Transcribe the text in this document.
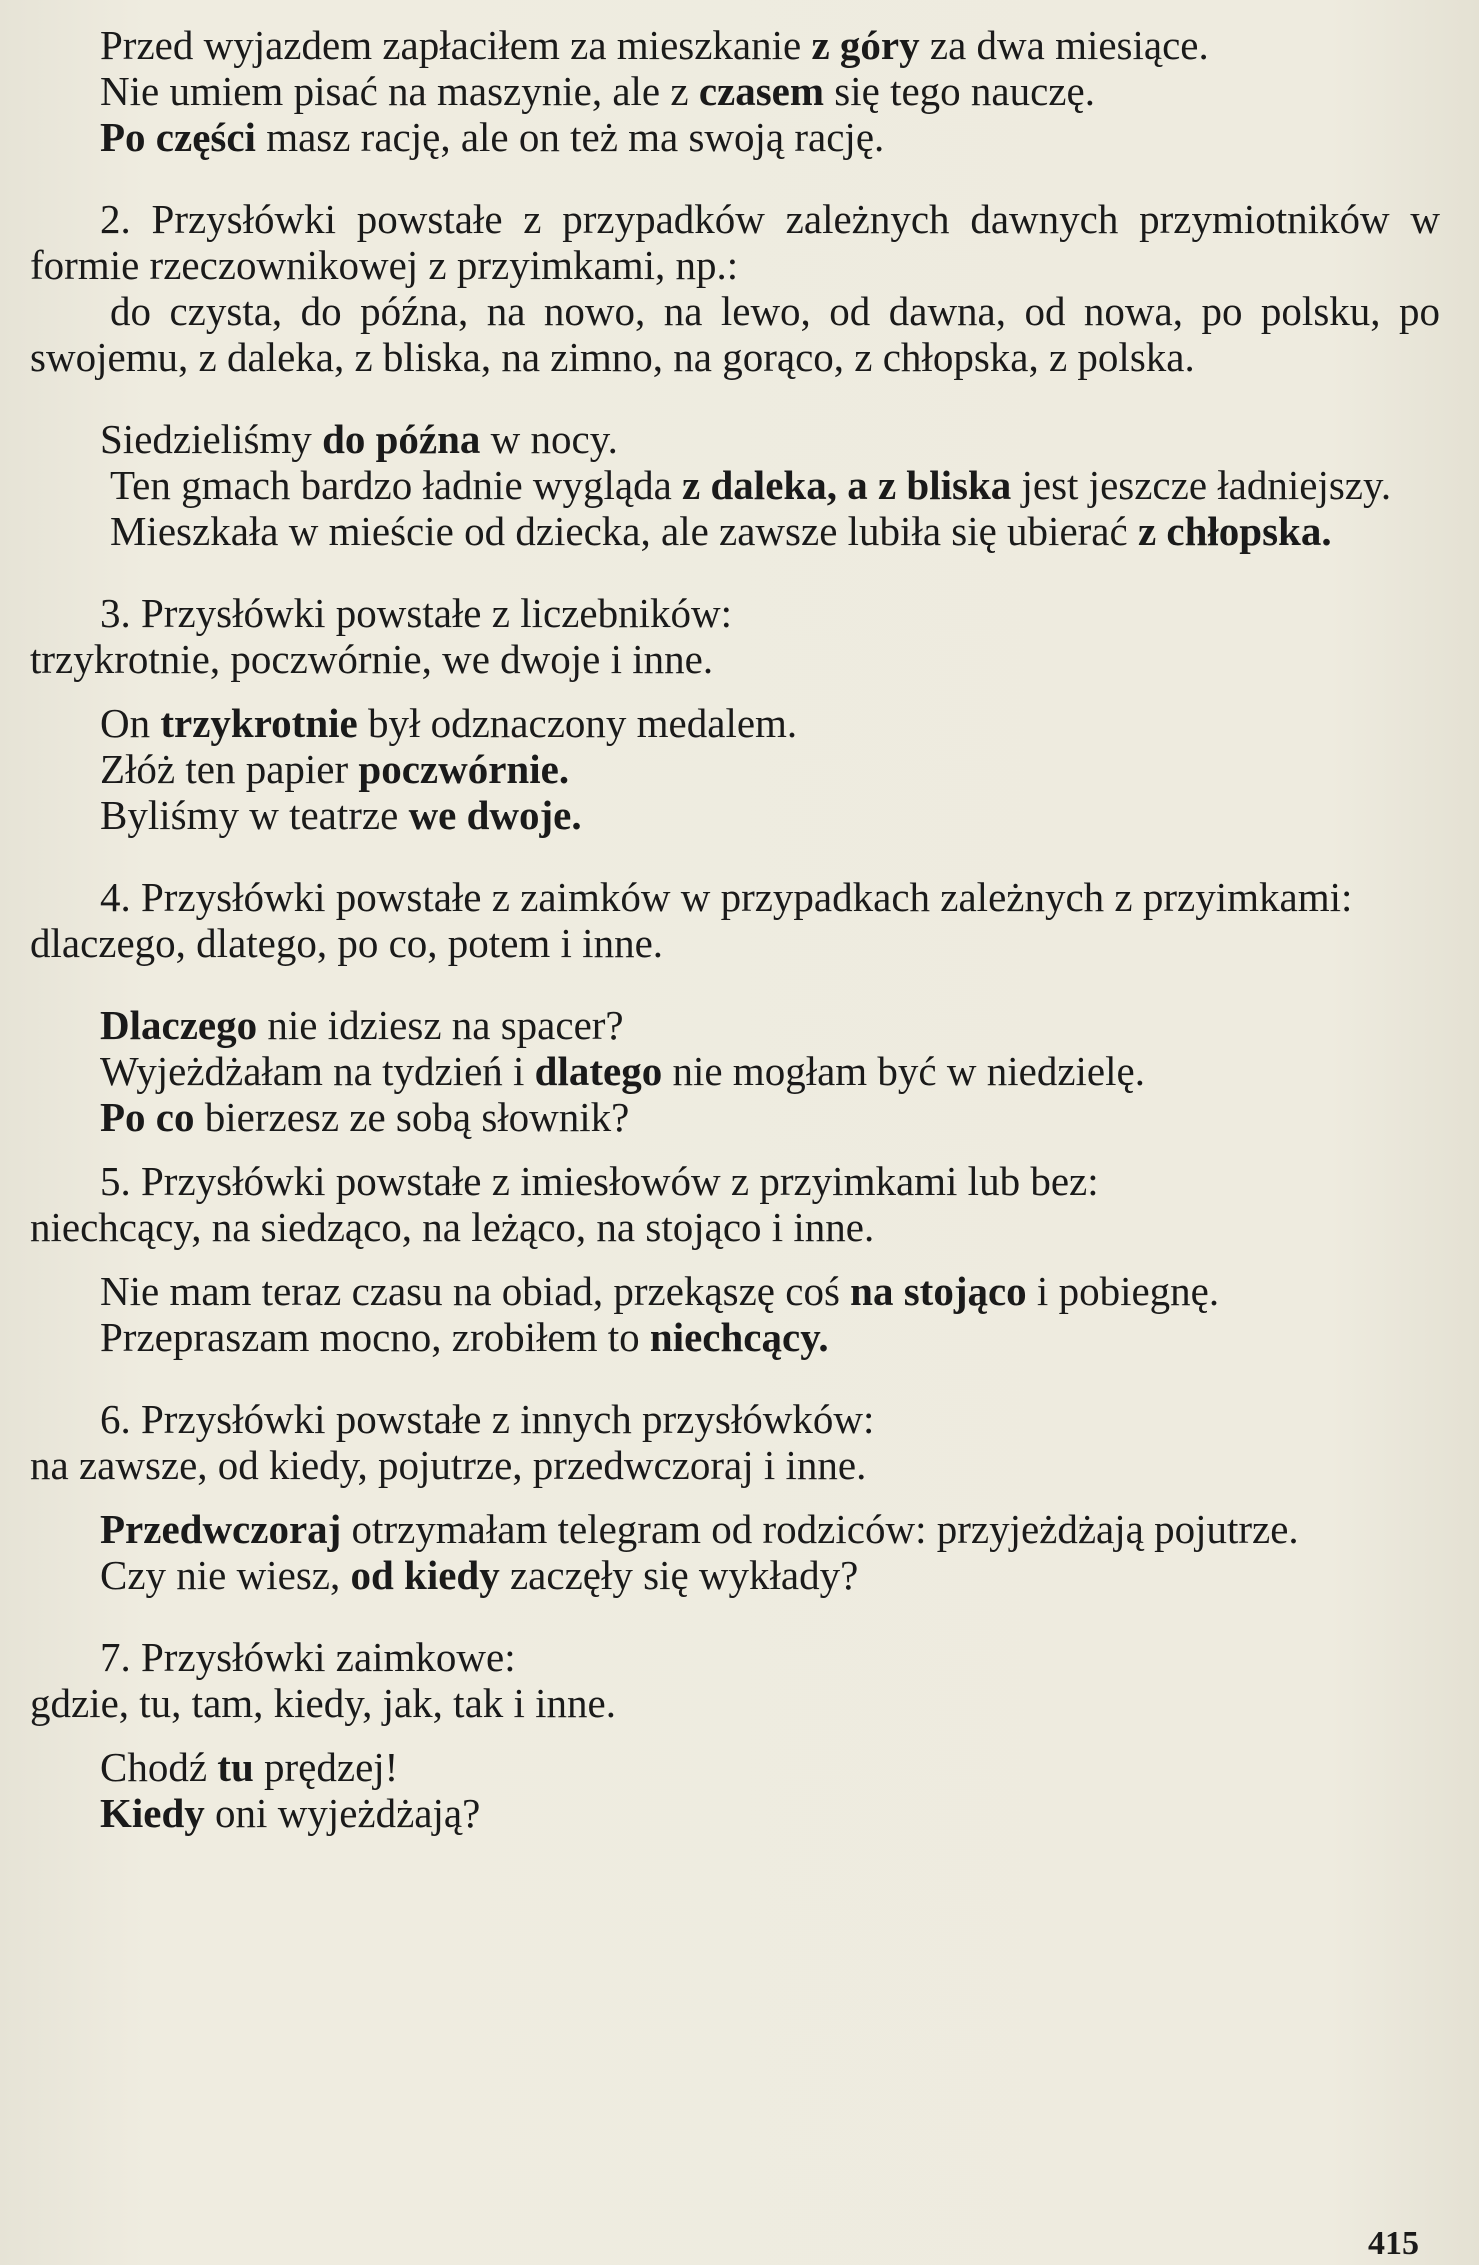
Przed wyjazdem zapłaciłem za mieszkanie z góry za dwa miesiące.

Nie umiem pisać na maszynie, ale z czasem się tego nauczę.

Po części masz rację, ale on też ma swoją rację.

2. Przysłówki powstałe z przypadków zależnych dawnych przymiotników w formie rzeczownikowej z przyimkami, np.:

do czysta, do późna, na nowo, na lewo, od dawna, od nowa, po polsku, po swojemu, z daleka, z bliska, na zimno, na gorąco, z chłopska, z polska.

Siedzieliśmy do późna w nocy.

Ten gmach bardzo ładnie wygląda z daleka, a z bliska jest jeszcze ładniejszy.

Mieszkała w mieście od dziecka, ale zawsze lubiła się ubierać z chłopska.

3. Przysłówki powstałe z liczebników:

trzykrotnie, poczwórnie, we dwoje i inne.

On trzykrotnie był odznaczony medalem.

Złóż ten papier poczwórnie.

Byliśmy w teatrze we dwoje.

4. Przysłówki powstałe z zaimków w przypadkach zależnych z przyimkami:

dlaczego, dlatego, po co, potem i inne.

Dlaczego nie idziesz na spacer?

Wyjeżdżałam na tydzień i dlatego nie mogłam być w niedzielę.

Po co bierzesz ze sobą słownik?

5. Przysłówki powstałe z imiesłowów z przyimkami lub bez:

niechcący, na siedząco, na leżąco, na stojąco i inne.

Nie mam teraz czasu na obiad, przekąszę coś na stojąco i pobiegnę.

Przepraszam mocno, zrobiłem to niechcący.

6. Przysłówki powstałe z innych przysłówków:

na zawsze, od kiedy, pojutrze, przedwczoraj i inne.

Przedwczoraj otrzymałam telegram od rodziców: przyjeżdżają pojutrze.

Czy nie wiesz, od kiedy zaczęły się wykłady?

7. Przysłówki zaimkowe:

gdzie, tu, tam, kiedy, jak, tak i inne.

Chodź tu prędzej!

Kiedy oni wyjeżdżają?

415
